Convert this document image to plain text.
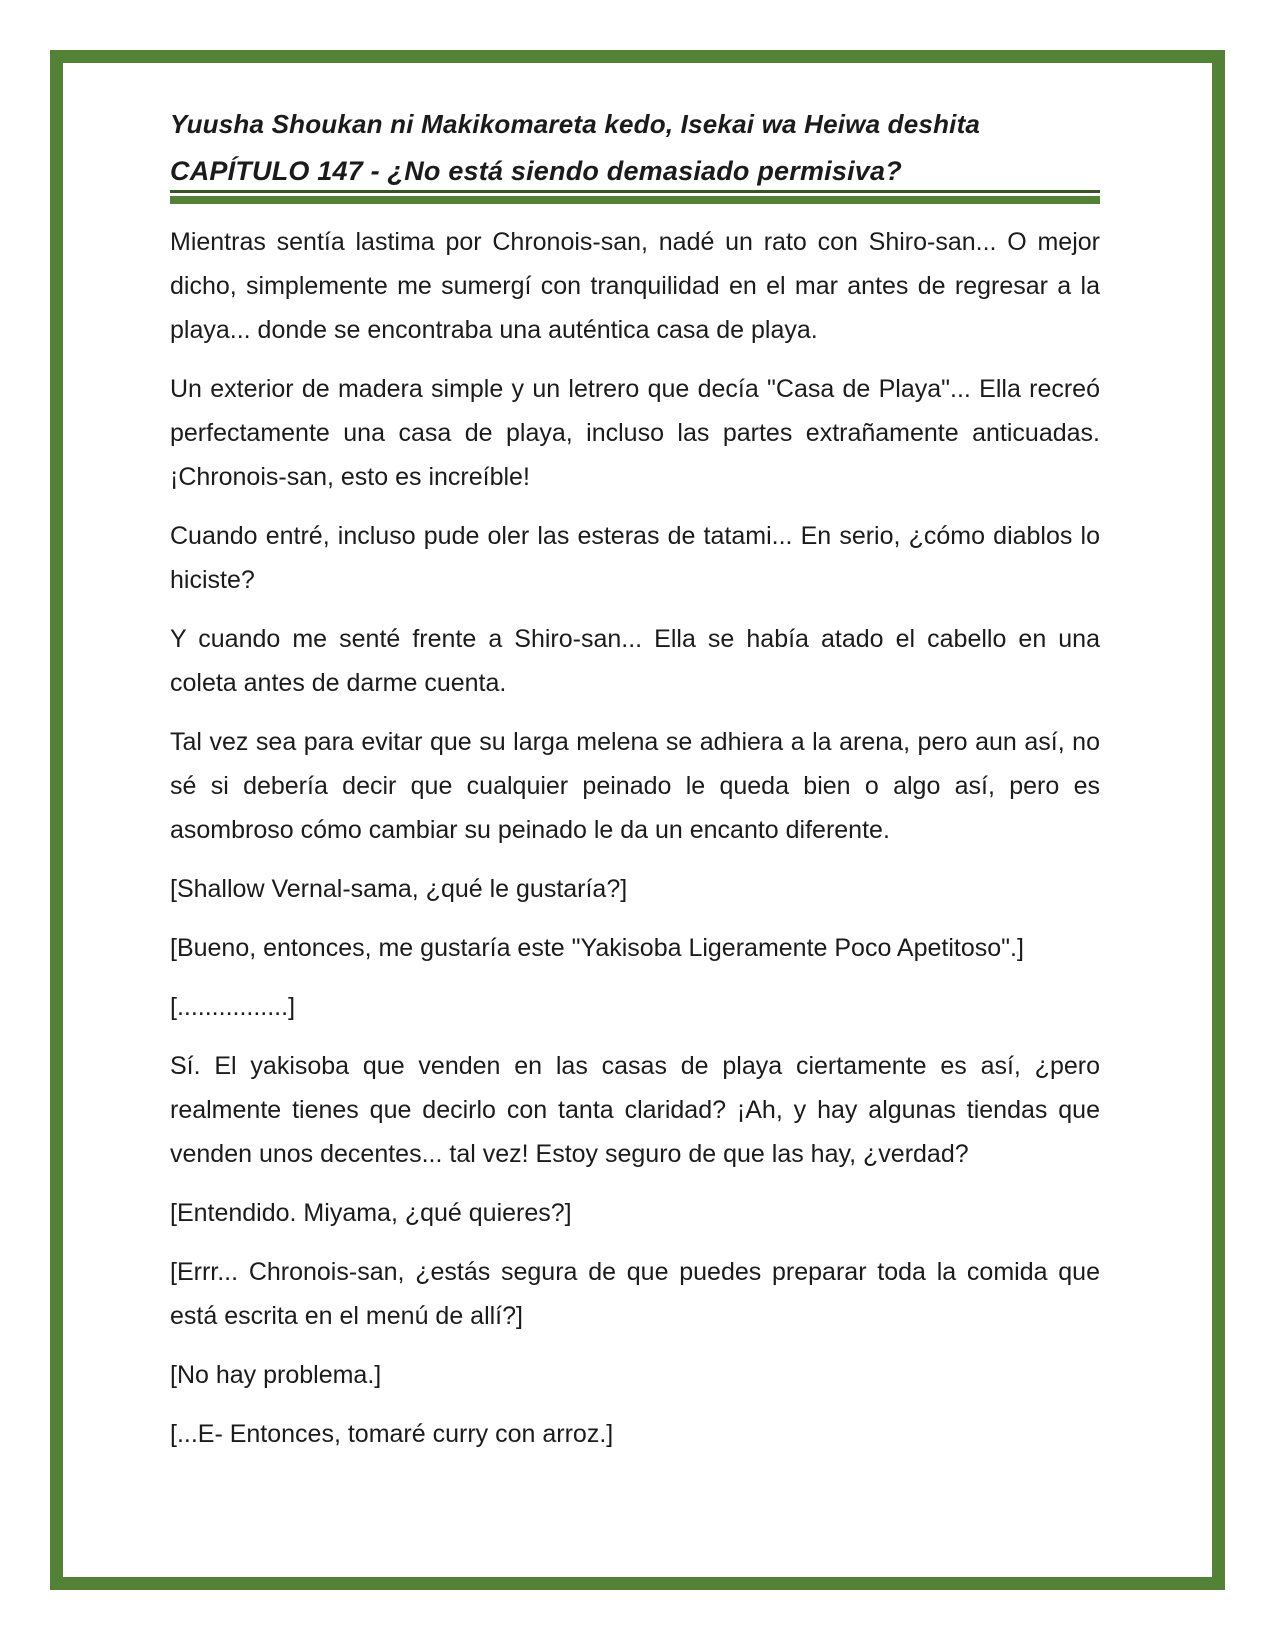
Yuusha Shoukan ni Makikomareta kedo, Isekai wa Heiwa deshita
CAPÍTULO 147 - ¿No está siendo demasiado permisiva?

Mientras sentía lastima por Chronois-san, nadé un rato con Shiro-san... O mejor dicho, simplemente me sumergí con tranquilidad en el mar antes de regresar a la playa... donde se encontraba una auténtica casa de playa.

Un exterior de madera simple y un letrero que decía "Casa de Playa"... Ella recreó perfectamente una casa de playa, incluso las partes extrañamente anticuadas. ¡Chronois-san, esto es increíble!

Cuando entré, incluso pude oler las esteras de tatami... En serio, ¿cómo diablos lo hiciste?

Y cuando me senté frente a Shiro-san... Ella se había atado el cabello en una coleta antes de darme cuenta.

Tal vez sea para evitar que su larga melena se adhiera a la arena, pero aun así, no sé si debería decir que cualquier peinado le queda bien o algo así, pero es asombroso cómo cambiar su peinado le da un encanto diferente.

[Shallow Vernal-sama, ¿qué le gustaría?]

[Bueno, entonces, me gustaría este "Yakisoba Ligeramente Poco Apetitoso".]

[................]

Sí. El yakisoba que venden en las casas de playa ciertamente es así, ¿pero realmente tienes que decirlo con tanta claridad? ¡Ah, y hay algunas tiendas que venden unos decentes... tal vez! Estoy seguro de que las hay, ¿verdad?

[Entendido. Miyama, ¿qué quieres?]

[Errr... Chronois-san, ¿estás segura de que puedes preparar toda la comida que está escrita en el menú de allí?]

[No hay problema.]

[...E- Entonces, tomaré curry con arroz.]
